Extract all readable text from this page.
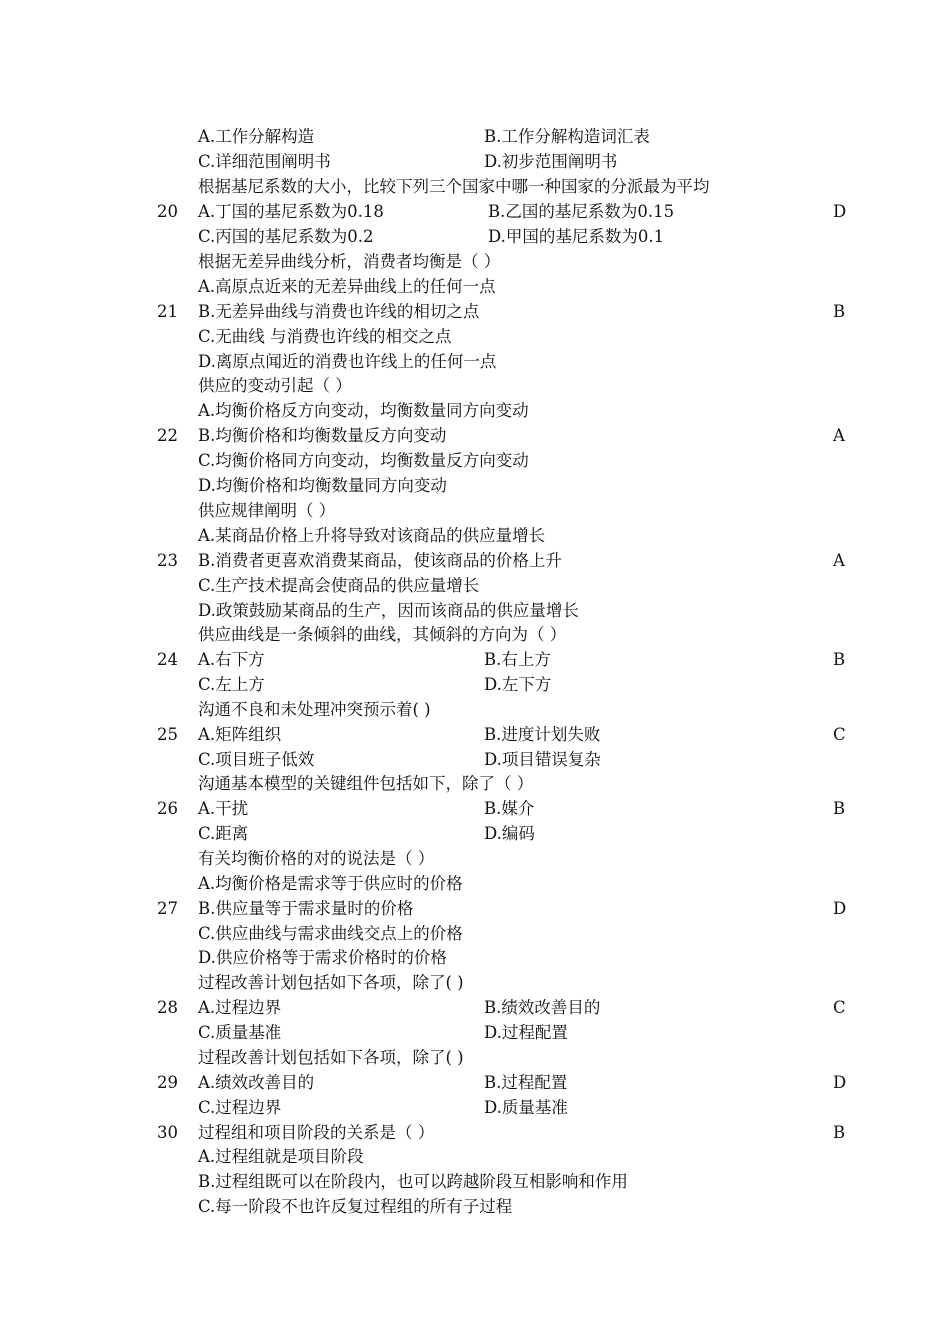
A.工作分解构造	B.工作分解构造词汇表
C.详细范围阐明书	D.初步范围阐明书
根据基尼系数的大小，比较下列三个国家中哪一种国家的分派最为平均
20	D
A.丁国的基尼系数为0.18	B.乙国的基尼系数为0.15
C.丙国的基尼系数为0.2	D.甲国的基尼系数为0.1
根据无差异曲线分析，消费者均衡是（ ）
A.高原点近来的无差异曲线上的任何一点
21	B
B.无差异曲线与消费也许线的相切之点
C.无曲线 与消费也许线的相交之点
D.离原点闻近的消费也许线上的任何一点
供应的变动引起（ ）
A.均衡价格反方向变动，均衡数量同方向变动
22	A
B.均衡价格和均衡数量反方向变动
C.均衡价格同方向变动，均衡数量反方向变动
D.均衡价格和均衡数量同方向变动
供应规律阐明（ ）
A.某商品价格上升将导致对该商品的供应量增长
23	A
B.消费者更喜欢消费某商品，使该商品的价格上升
C.生产技术提高会使商品的供应量增长
D.政策鼓励某商品的生产，因而该商品的供应量增长
供应曲线是一条倾斜的曲线，其倾斜的方向为（ ）
24	B
A.右下方	B.右上方
C.左上方	D.左下方
沟通不良和未处理冲突预示着( )
25	C
A.矩阵组织	B.进度计划失败
C.项目班子低效	D.项目错误复杂
沟通基本模型的关键组件包括如下，除了（ ）
26	B
A.干扰	B.媒介
C.距离	D.编码
有关均衡价格的对的说法是（ ）
A.均衡价格是需求等于供应时的价格
27	D
B.供应量等于需求量时的价格
C.供应曲线与需求曲线交点上的价格
D.供应价格等于需求价格时的价格
过程改善计划包括如下各项，除了( )
28	C
A.过程边界	B.绩效改善目的
C.质量基准	D.过程配置
过程改善计划包括如下各项，除了( )
29	D
A.绩效改善目的	B.过程配置
C.过程边界	D.质量基准
30	B
过程组和项目阶段的关系是（ ）
A.过程组就是项目阶段
B.过程组既可以在阶段内，也可以跨越阶段互相影响和作用
C.每一阶段不也许反复过程组的所有子过程
